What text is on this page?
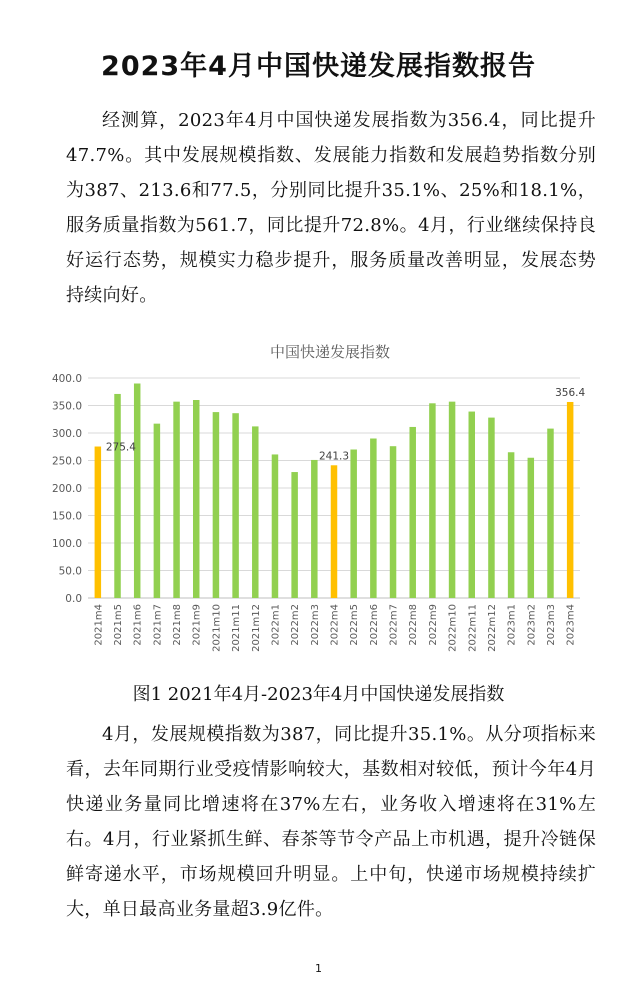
2023年4月中国快递发展指数报告

经测算，2023年4月中国快递发展指数为356.4，同比提升47.7%。其中发展规模指数、发展能力指数和发展趋势指数分别为387、213.6和77.5，分别同比提升35.1%、25%和18.1%，服务质量指数为561.7，同比提升72.8%。4月，行业继续保持良好运行态势，规模实力稳步提升，服务质量改善明显，发展态势持续向好。

中国快递发展指数
0.0
50.0
100.0
150.0
200.0
250.0
300.0
350.0
400.0
275.4
241.3
356.4
2021m4 2021m5 2021m6 2021m7 2021m8 2021m9 2021m10 2021m11 2021m12 2022m1 2022m2 2022m3 2022m4 2022m5 2022m6 2022m7 2022m8 2022m9 2022m10 2022m11 2022m12 2023m1 2023m2 2023m3 2023m4

图1 2021年4月-2023年4月中国快递发展指数

4月，发展规模指数为387，同比提升35.1%。从分项指标来看，去年同期行业受疫情影响较大，基数相对较低，预计今年4月快递业务量同比增速将在37%左右，业务收入增速将在31%左右。4月，行业紧抓生鲜、春茶等节令产品上市机遇，提升冷链保鲜寄递水平，市场规模回升明显。上中旬，快递市场规模持续扩大，单日最高业务量超3.9亿件。

1
